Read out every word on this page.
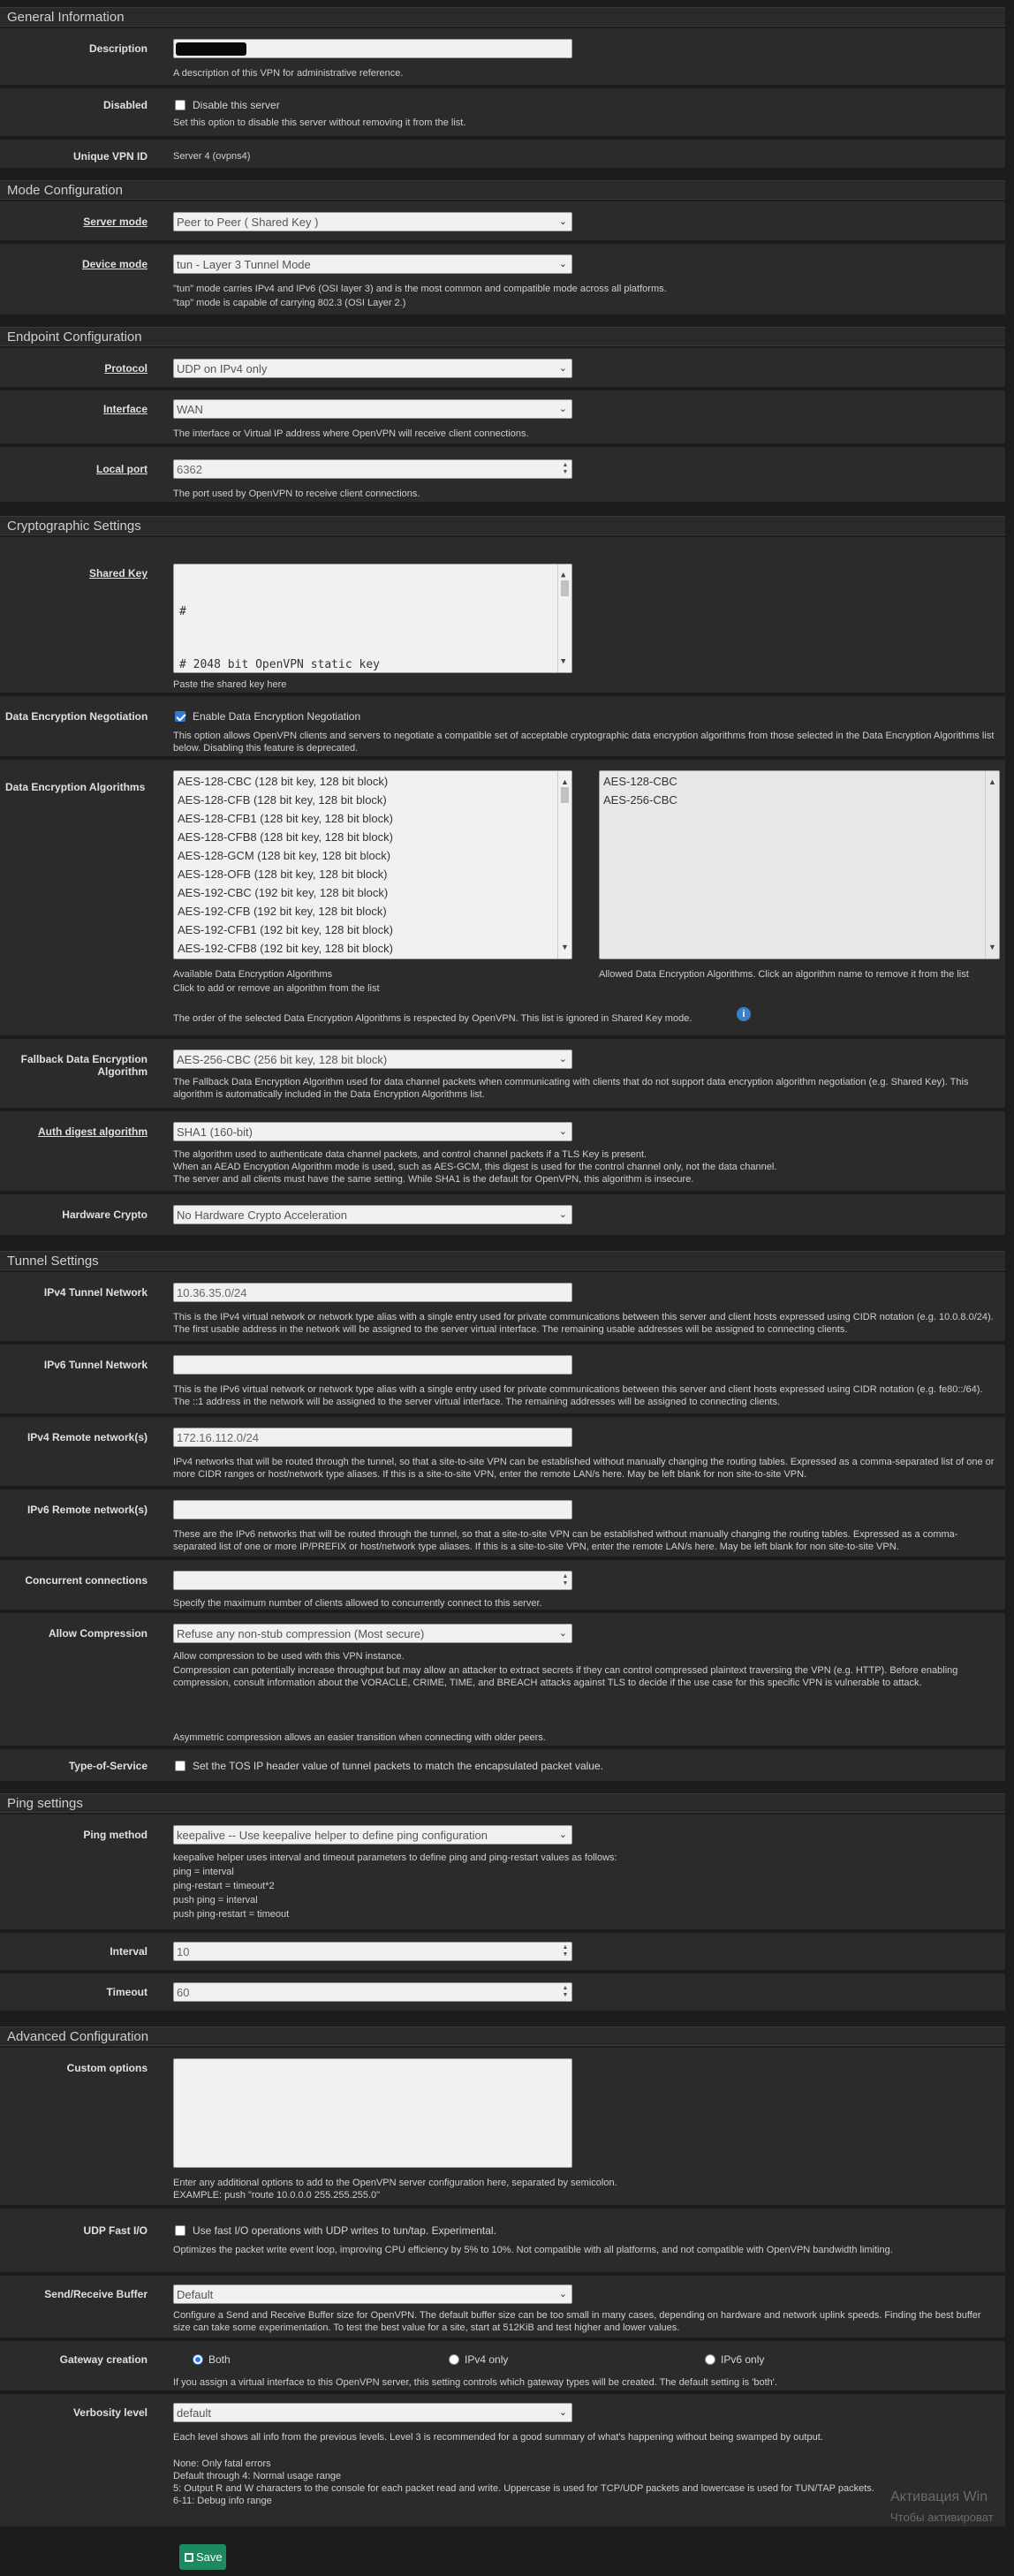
General Information
Description
A description of this VPN for administrative reference.
Disabled	Disable this server
Set this option to disable this server without removing it from the list.
Unique VPN ID	Server 4 (ovpns4)
Mode Configuration
Server mode	Peer to Peer ( Shared Key )	⌄
Device mode	tun - Layer 3 Tunnel Mode	⌄
"tun" mode carries IPv4 and IPv6 (OSI layer 3) and is the most common and compatible mode across all platforms.
"tap" mode is capable of carrying 802.3 (OSI Layer 2.)
Endpoint Configuration
Protocol	UDP on IPv4 only	⌄
Interface	WAN	⌄
The interface or Virtual IP address where OpenVPN will receive client connections.
Local port	6362	▲
▼
The port used by OpenVPN to receive client connections.
Cryptographic Settings
Shared Key

#

# 2048 bit OpenVPN static key

▲
▼

Paste the shared key here
Data Encryption Negotiation	Enable Data Encryption Negotiation
This option allows OpenVPN clients and servers to negotiate a compatible set of acceptable cryptographic data encryption algorithms from those selected in the Data Encryption Algorithms list below. Disabling this feature is deprecated.
Data Encryption Algorithms	AES-128-CBC (128 bit key, 128 bit block)
AES-128-CFB (128 bit key, 128 bit block)
AES-128-CFB1 (128 bit key, 128 bit block)
AES-128-CFB8 (128 bit key, 128 bit block)
AES-128-GCM (128 bit key, 128 bit block)
AES-128-OFB (128 bit key, 128 bit block)
AES-192-CBC (192 bit key, 128 bit block)
AES-192-CFB (192 bit key, 128 bit block)
AES-192-CFB1 (192 bit key, 128 bit block)
AES-192-CFB8 (192 bit key, 128 bit block)
▲
▼
AES-128-CBC
AES-256-CBC
▲
▼
Available Data Encryption Algorithms
Click to add or remove an algorithm from the list
Allowed Data Encryption Algorithms. Click an algorithm name to remove it from the list
The order of the selected Data Encryption Algorithms is respected by OpenVPN. This list is ignored in Shared Key mode.	i
Fallback Data Encryption
Algorithm
AES-256-CBC (256 bit key, 128 bit block)	⌄
The Fallback Data Encryption Algorithm used for data channel packets when communicating with clients that do not support data encryption algorithm negotiation (e.g. Shared Key). This algorithm is automatically included in the Data Encryption Algorithms list.
Auth digest algorithm	SHA1 (160-bit)	⌄
The algorithm used to authenticate data channel packets, and control channel packets if a TLS Key is present.
When an AEAD Encryption Algorithm mode is used, such as AES-GCM, this digest is used for the control channel only, not the data channel.
The server and all clients must have the same setting. While SHA1 is the default for OpenVPN, this algorithm is insecure.
Hardware Crypto	No Hardware Crypto Acceleration	⌄
Tunnel Settings
IPv4 Tunnel Network	10.36.35.0/24
This is the IPv4 virtual network or network type alias with a single entry used for private communications between this server and client hosts expressed using CIDR notation (e.g. 10.0.8.0/24). The first usable address in the network will be assigned to the server virtual interface. The remaining usable addresses will be assigned to connecting clients.
IPv6 Tunnel Network
This is the IPv6 virtual network or network type alias with a single entry used for private communications between this server and client hosts expressed using CIDR notation (e.g. fe80::/64). The ::1 address in the network will be assigned to the server virtual interface. The remaining addresses will be assigned to connecting clients.
IPv4 Remote network(s)	172.16.112.0/24
IPv4 networks that will be routed through the tunnel, so that a site-to-site VPN can be established without manually changing the routing tables. Expressed as a comma-separated list of one or more CIDR ranges or host/network type aliases. If this is a site-to-site VPN, enter the remote LAN/s here. May be left blank for non site-to-site VPN.
IPv6 Remote network(s)
These are the IPv6 networks that will be routed through the tunnel, so that a site-to-site VPN can be established without manually changing the routing tables. Expressed as a comma-separated list of one or more IP/PREFIX or host/network type aliases. If this is a site-to-site VPN, enter the remote LAN/s here. May be left blank for non site-to-site VPN.
Concurrent connections	▲
▼
Specify the maximum number of clients allowed to concurrently connect to this server.
Allow Compression	Refuse any non-stub compression (Most secure)	⌄
Allow compression to be used with this VPN instance.
Compression can potentially increase throughput but may allow an attacker to extract secrets if they can control compressed plaintext traversing the VPN (e.g. HTTP). Before enabling compression, consult information about the VORACLE, CRIME, TIME, and BREACH attacks against TLS to decide if the use case for this specific VPN is vulnerable to attack.
Asymmetric compression allows an easier transition when connecting with older peers.
Type-of-Service	Set the TOS IP header value of tunnel packets to match the encapsulated packet value.
Ping settings
Ping method	keepalive -- Use keepalive helper to define ping configuration	⌄
keepalive helper uses interval and timeout parameters to define ping and ping-restart values as follows:
ping = interval
ping-restart = timeout*2
push ping = interval
push ping-restart = timeout
Interval	10	▲
▼
Timeout	60	▲
▼
Advanced Configuration
Custom options
Enter any additional options to add to the OpenVPN server configuration here, separated by semicolon.
EXAMPLE: push "route 10.0.0.0 255.255.255.0"
UDP Fast I/O	Use fast I/O operations with UDP writes to tun/tap. Experimental.
Optimizes the packet write event loop, improving CPU efficiency by 5% to 10%. Not compatible with all platforms, and not compatible with OpenVPN bandwidth limiting.
Send/Receive Buffer	Default	⌄
Configure a Send and Receive Buffer size for OpenVPN. The default buffer size can be too small in many cases, depending on hardware and network uplink speeds. Finding the best buffer size can take some experimentation. To test the best value for a site, start at 512KiB and test higher and lower values.
Gateway creation	Both	IPv4 only	IPv6 only
If you assign a virtual interface to this OpenVPN server, this setting controls which gateway types will be created. The default setting is 'both'.
Verbosity level	default	⌄
Each level shows all info from the previous levels. Level 3 is recommended for a good summary of what's happening without being swamped by output.
None: Only fatal errors
Default through 4: Normal usage range
5: Output R and W characters to the console for each packet read and write. Uppercase is used for TCP/UDP packets and lowercase is used for TUN/TAP packets.
6-11: Debug info range
Save
Активация Win
Чтобы активироват
